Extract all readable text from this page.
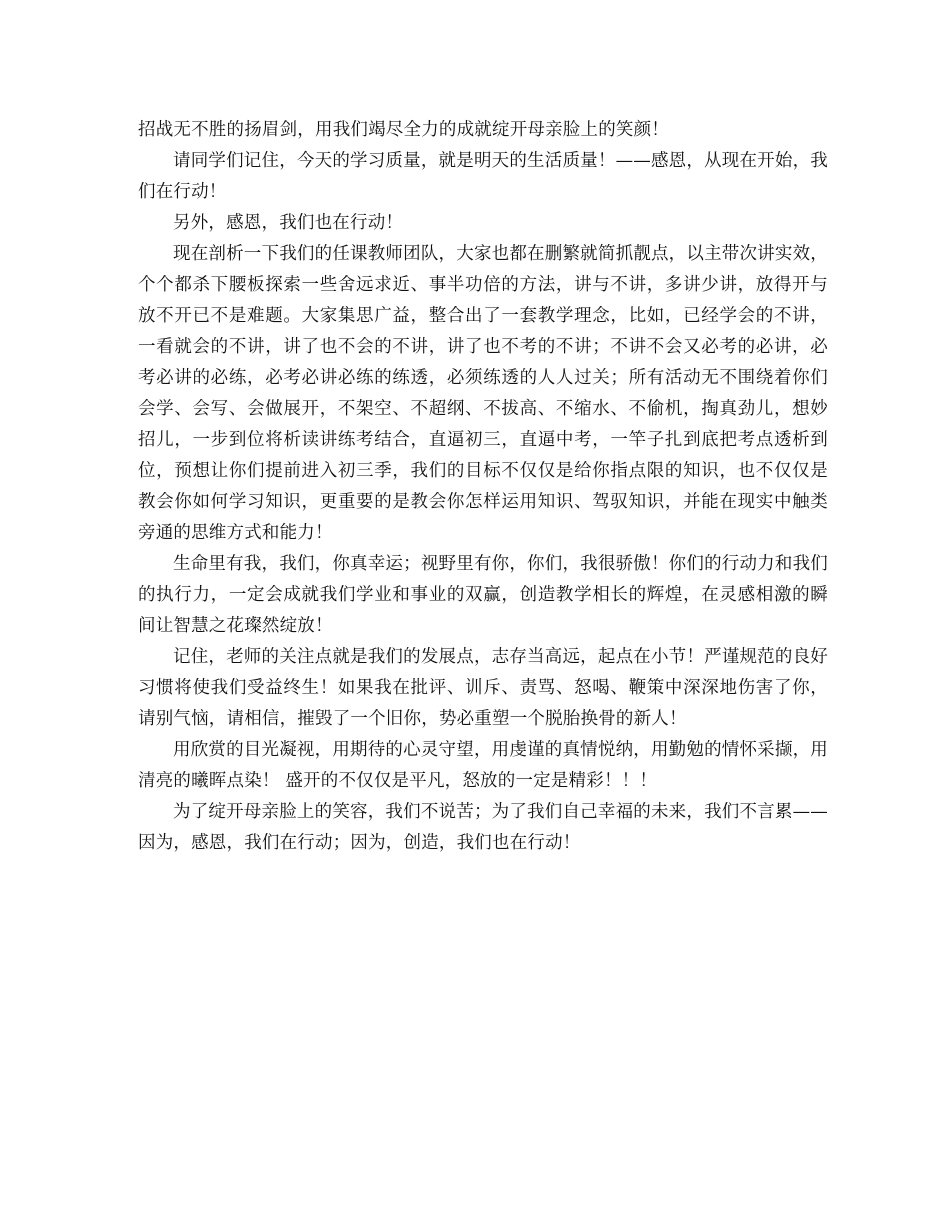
招战无不胜的扬眉剑，用我们竭尽全力的成就绽开母亲脸上的笑颜！

请同学们记住，今天的学习质量，就是明天的生活质量！——感恩，从现在开始，我们在行动！

另外，感恩，我们也在行动！

现在剖析一下我们的任课教师团队，大家也都在删繁就简抓靓点，以主带次讲实效， 个个都杀下腰板探索一些舍远求近、事半功倍的方法，讲与不讲，多讲少讲，放得开与放不开已不是难题。大家集思广益，整合出了一套教学理念，比如，已经学会的不讲，一看就会的不讲，讲了也不会的不讲，讲了也不考的不讲；不讲不会又必考的必讲，必考必讲的必练，必考必讲必练的练透，必须练透的人人过关；所有活动无不围绕着你们会学、会写、会做展开，不架空、不超纲、不拔高、不缩水、不偷机，掏真劲儿，想妙招儿，一步到位将析读讲练考结合，直逼初三，直逼中考，一竿子扎到底把考点透析到位，预想让你们提前进入初三季，我们的目标不仅仅是给你指点限的知识，也不仅仅是教会你如何学习知识，更重要的是教会你怎样运用知识、驾驭知识，并能在现实中触类旁通的思维方式和能力！

生命里有我，我们，你真幸运；视野里有你，你们，我很骄傲！你们的行动力和我们的执行力，一定会成就我们学业和事业的双赢，创造教学相长的辉煌，在灵感相激的瞬间让智慧之花璨然绽放！

记住，老师的关注点就是我们的发展点，志存当高远，起点在小节！严谨规范的良好习惯将使我们受益终生！如果我在批评、训斥、责骂、怒喝、鞭策中深深地伤害了你，请别气恼，请相信，摧毁了一个旧你，势必重塑一个脱胎换骨的新人！

用欣赏的目光凝视，用期待的心灵守望，用虔谨的真情悦纳，用勤勉的情怀采撷，用清亮的曦晖点染！ 盛开的不仅仅是平凡，怒放的一定是精彩！！！

为了绽开母亲脸上的笑容，我们不说苦；为了我们自己幸福的未来，我们不言累——因为，感恩，我们在行动；因为，创造，我们也在行动！
